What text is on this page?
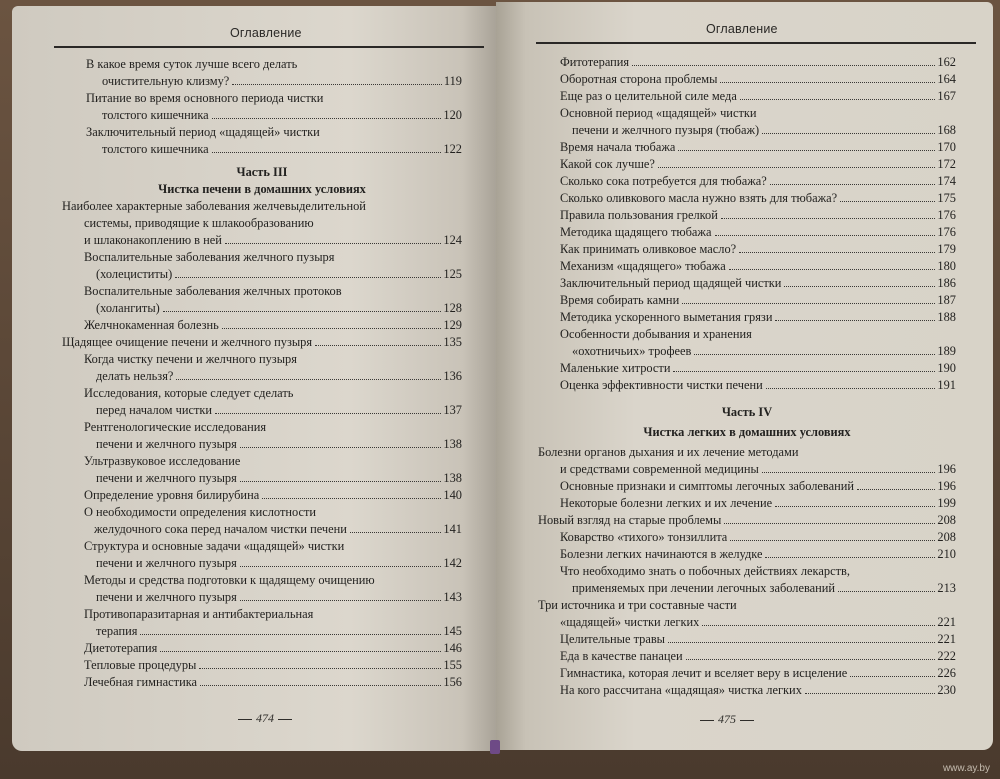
Оглавление
В какое время суток лучше всего делать
очистительную клизму?	119
Питание во время основного периода чистки
толстого кишечника	120
Заключительный период «щадящей» чистки
толстого кишечника	122
Часть III
Чистка печени в домашних условиях
Наиболее характерные заболевания желчевыделительной
системы, приводящие к шлакообразованию
и шлаконакоплению в ней	124
Воспалительные заболевания желчного пузыря
(холециститы)	125
Воспалительные заболевания желчных протоков
(холангиты)	128
Желчнокаменная болезнь	129
Щадящее очищение печени и желчного пузыря	135
Когда чистку печени и желчного пузыря
делать нельзя?	136
Исследования, которые следует сделать
перед началом чистки	137
Рентгенологические исследования
печени и желчного пузыря	138
Ультразвуковое исследование
печени и желчного пузыря	138
Определение уровня билирубина	140
О необходимости определения кислотности
желудочного сока перед началом чистки печени	141
Структура и основные задачи «щадящей» чистки
печени и желчного пузыря	142
Методы и средства подготовки к щадящему очищению
печени и желчного пузыря	143
Противопаразитарная и антибактериальная
терапия	145
Диетотерапия	146
Тепловые процедуры	155
Лечебная гимнастика	156
474
Оглавление
Фитотерапия	162
Оборотная сторона проблемы	164
Еще раз о целительной силе меда	167
Основной период «щадящей» чистки
печени и желчного пузыря (тюбаж)	168
Время начала тюбажа	170
Какой сок лучше?	172
Сколько сока потребуется для тюбажа?	174
Сколько оливкового масла нужно взять для тюбажа?	175
Правила пользования грелкой	176
Методика щадящего тюбажа	176
Как принимать оливковое масло?	179
Механизм «щадящего» тюбажа	180
Заключительный период щадящей чистки	186
Время собирать камни	187
Методика ускоренного выметания грязи	188
Особенности добывания и хранения
«охотничьих» трофеев	189
Маленькие хитрости	190
Оценка эффективности чистки печени	191
Часть IV
Чистка легких в домашних условиях
Болезни органов дыхания и их лечение методами
и средствами современной медицины	196
Основные признаки и симптомы легочных заболеваний	196
Некоторые болезни легких и их лечение	199
Новый взгляд на старые проблемы	208
Коварство «тихого» тонзиллита	208
Болезни легких начинаются в желудке	210
Что необходимо знать о побочных действиях лекарств,
применяемых при лечении легочных заболеваний	213
Три источника и три составные части
«щадящей» чистки легких	221
Целительные травы	221
Еда в качестве панацеи	222
Гимнастика, которая лечит и вселяет веру в исцеление	226
На кого рассчитана «щадящая» чистка легких	230
475
www.ay.by
